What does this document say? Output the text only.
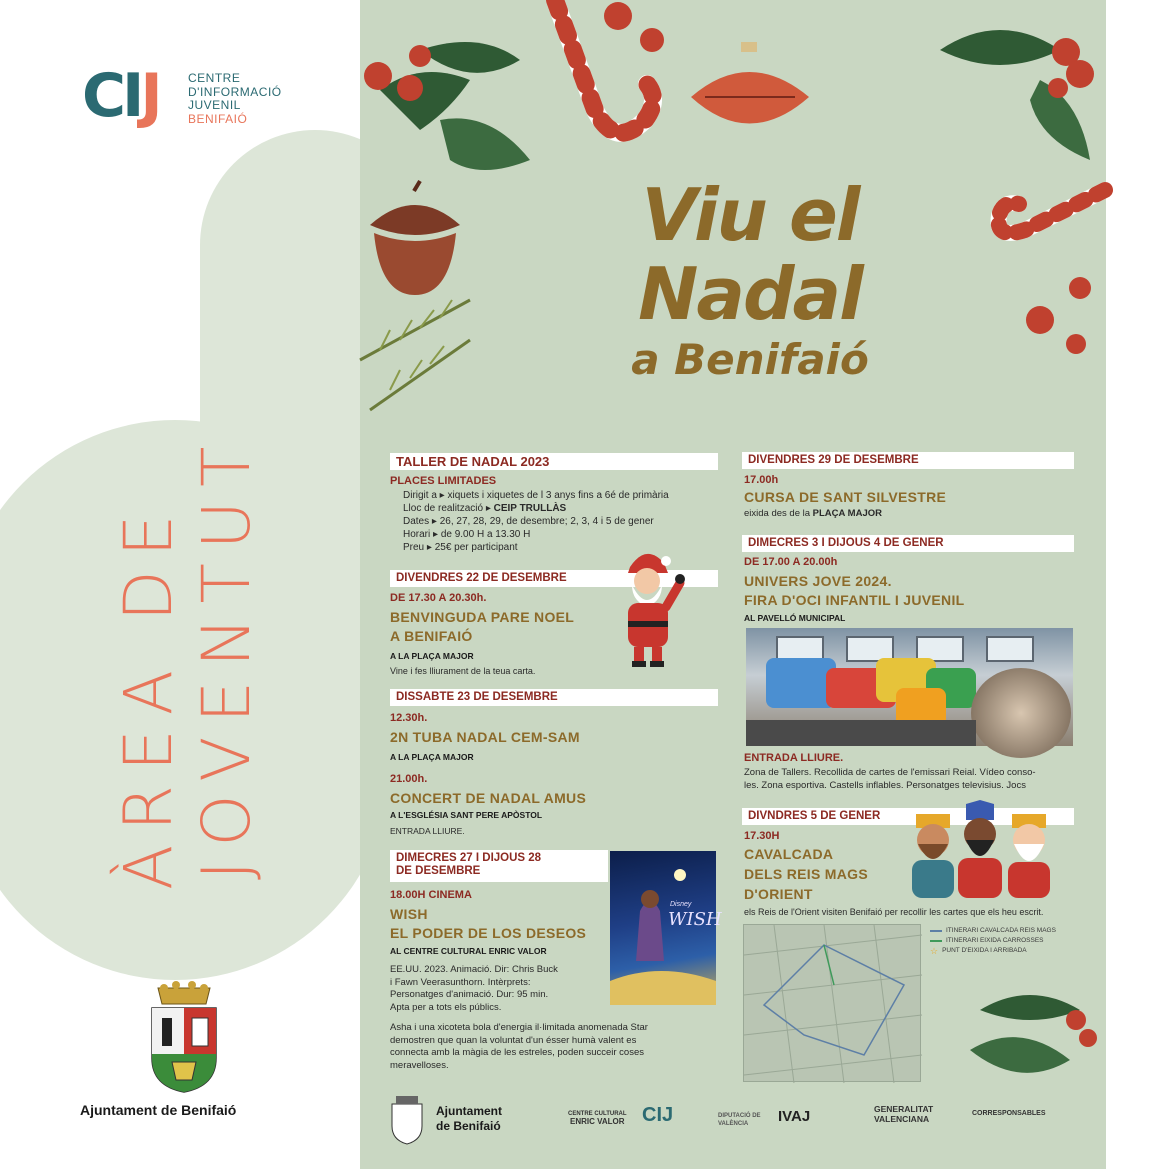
CIJ CENTRE
D'INFORMACIÓ
JUVENIL
BENIFAIÓ
ÀREA DE JOVENTUT
Ajuntament de Benifaió
Viu el
Nadal
a Benifaió
TALLER DE NADAL 2023
PLACES LIMITADES
Dirigit a ▸ xiquets i xiquetes de l 3 anys fins a 6é de primària
Lloc de realització ▸ CEIP TRULLÀS
Dates ▸ 26, 27, 28, 29, de desembre; 2, 3, 4 i 5 de gener
Horari ▸ de 9.00 H a 13.30 H
Preu ▸ 25€ per participant
DIVENDRES 22 DE DESEMBRE
DE 17.30 A 20.30h.
BENVINGUDA PARE NOEL
A BENIFAIÓ
A LA PLAÇA MAJOR
Vine i fes lliurament de la teua carta.
DISSABTE 23 DE DESEMBRE
12.30h.
2N TUBA NADAL CEM-SAM
A LA PLAÇA MAJOR
21.00h.
CONCERT DE NADAL AMUS
A L'ESGLÉSIA SANT PERE APÒSTOL
ENTRADA LLIURE.
DIMECRES 27 I DIJOUS 28
DE DESEMBRE
18.00H CINEMA
WISH
EL PODER DE LOS DESEOS
AL CENTRE CULTURAL ENRIC VALOR
EE.UU. 2023. Animació. Dir: Chris Buck
i Fawn Veerasunthorn. Intèrprets:
Personatges d'animació. Dur: 95 min.
Apta per a tots els públics.
Asha i una xicoteta bola d'energia il·limitada anomenada Star
demostren que quan la voluntat d'un ésser humà valent es
connecta amb la màgia de les estreles, poden succeir coses
meravelloses.
Disney
WISH
DIVENDRES 29 DE DESEMBRE
17.00h
CURSA DE SANT SILVESTRE
eixida des de la PLAÇA MAJOR
DIMECRES 3 I DIJOUS 4 DE GENER
DE 17.00 A 20.00h
UNIVERS JOVE 2024.
FIRA D'OCI INFANTIL I JUVENIL
AL PAVELLÓ MUNICIPAL
ENTRADA LLIURE.
Zona de Tallers. Recollida de cartes de l'emissari Reial. Vídeo conso-
les. Zona esportiva. Castells inflables. Personatges televisius. Jocs
DIVNDRES 5 DE GENER
17.30H
CAVALCADA
DELS REIS MAGS
D'ORIENT
els Reis de l'Orient visiten Benifaió per recollir les cartes que els heu escrit.
ITINERARI CAVALCADA REIS MAGS
ITINERARI EIXIDA CARROSSES
☆ PUNT D'EIXIDA I ARRIBADA
Ajuntament
de Benifaió
CENTRE CULTURAL
ENRIC VALOR CIJ	DIPUTACIÓ DE VALÈNCIA	IVAJ	GENERALITAT
VALENCIANA
CORRESPONSABLES
